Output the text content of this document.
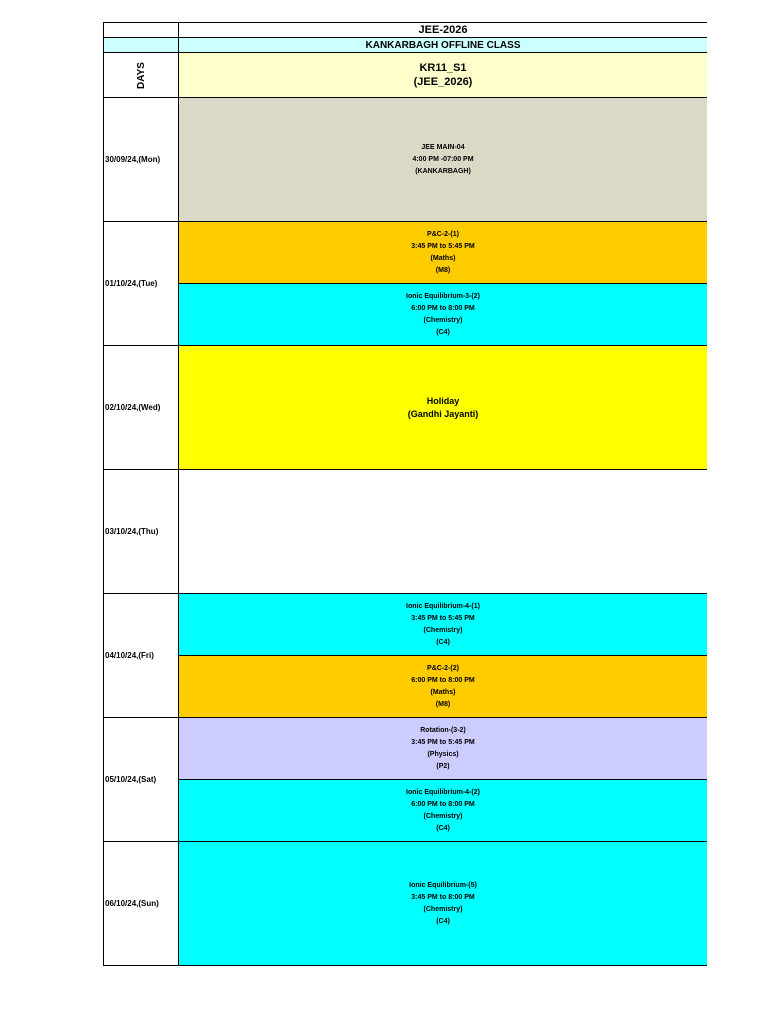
JEE-2026
KANKARBAGH OFFLINE CLASS
DAYS	KR11_S1
(JEE_2026)
30/09/24,(Mon)
JEE MAIN-04
4:00 PM -07:00 PM
(KANKARBAGH)
01/10/24,(Tue)
P&C-2-(1)
3:45 PM to 5:45 PM
(Maths)
(M8)
Ionic Equilibrium-3-(2)
6:00 PM to 8:00 PM
(Chemistry)
(C4)
02/10/24,(Wed)
Holiday
(Gandhi Jayanti)
03/10/24,(Thu)
04/10/24,(Fri)
Ionic Equilibrium-4-(1)
3:45 PM to 5:45 PM
(Chemistry)
(C4)
P&C-2-(2)
6:00 PM to 8:00 PM
(Maths)
(M8)
05/10/24,(Sat)
Rotation-(3-2)
3:45 PM to 5:45 PM
(Physics)
(P2)
Ionic Equilibrium-4-(2)
6:00 PM to 8:00 PM
(Chemistry)
(C4)
06/10/24,(Sun)
Ionic Equilibrium-(5)
3:45 PM to 8:00 PM
(Chemistry)
(C4)
